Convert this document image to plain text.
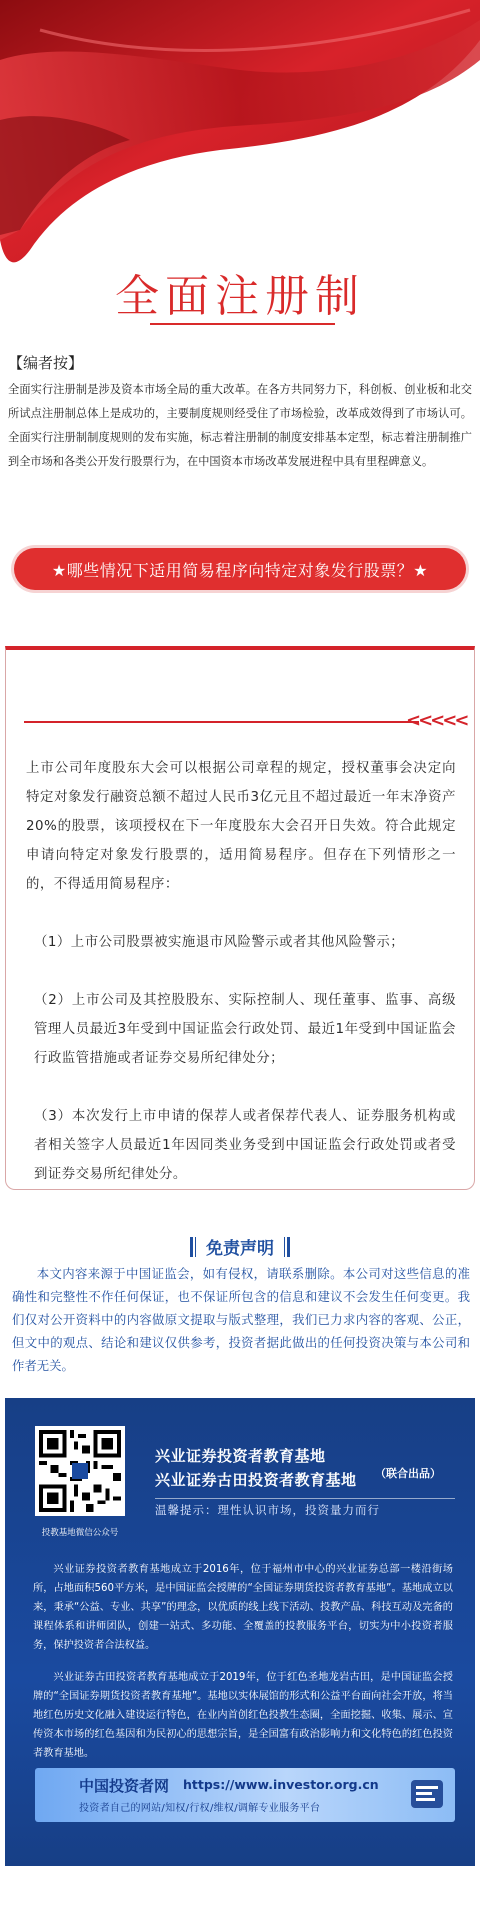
全面注册制
【编者按】
全面实行注册制是涉及资本市场全局的重大改革。在各方共同努力下，科创板、创业板和北交所试点注册制总体上是成功的，主要制度规则经受住了市场检验，改革成效得到了市场认可。全面实行注册制制度规则的发布实施，标志着注册制的制度安排基本定型，标志着注册制推广到全市场和各类公开发行股票行为，在中国资本市场改革发展进程中具有里程碑意义。
★哪些情况下适用简易程序向特定对象发行股票？★
<<<<<

上市公司年度股东大会可以根据公司章程的规定，授权董事会决定向特定对象发行融资总额不超过人民币3亿元且不超过最近一年末净资产20%的股票，该项授权在下一年度股东大会召开日失效。符合此规定申请向特定对象发行股票的，适用简易程序。但存在下列情形之一的，不得适用简易程序：

（1）上市公司股票被实施退市风险警示或者其他风险警示；

（2）上市公司及其控股股东、实际控制人、现任董事、监事、高级管理人员最近3年受到中国证监会行政处罚、最近1年受到中国证监会行政监管措施或者证券交易所纪律处分；

（3）本次发行上市申请的保荐人或者保荐代表人、证券服务机构或者相关签字人员最近1年因同类业务受到中国证监会行政处罚或者受到证券交易所纪律处分。

免责声明
本文内容来源于中国证监会，如有侵权，请联系删除。本公司对这些信息的准确性和完整性不作任何保证，也不保证所包含的信息和建议不会发生任何变更。我们仅对公开资料中的内容做原文提取与版式整理，我们已力求内容的客观、公正，但文中的观点、结论和建议仅供参考，投资者据此做出的任何投资决策与本公司和作者无关。
投教基地微信公众号
兴业证券投资者教育基地
兴业证券古田投资者教育基地 （联合出品）
温馨提示：理性认识市场，投资量力而行
兴业证券投资者教育基地成立于2016年，位于福州市中心的兴业证券总部一楼沿街场所，占地面积560平方米，是中国证监会授牌的“全国证券期货投资者教育基地”。基地成立以来，秉承“公益、专业、共享”的理念，以优质的线上线下活动、投教产品、科技互动及完备的课程体系和讲师团队，创建一站式、多功能、全覆盖的投教服务平台，切实为中小投资者服务，保护投资者合法权益。
兴业证券古田投资者教育基地成立于2019年，位于红色圣地龙岩古田，是中国证监会授牌的“全国证券期货投资者教育基地”。基地以实体展馆的形式和公益平台面向社会开放，将当地红色历史文化融入建设运行特色，在业内首创红色投教生态圈，全面挖掘、收集、展示、宣传资本市场的红色基因和为民初心的思想宗旨，是全国富有政治影响力和文化特色的红色投资者教育基地。
中国投资者网 https://www.investor.org.cn
投资者自己的网站/知权/行权/维权/调解专业服务平台
